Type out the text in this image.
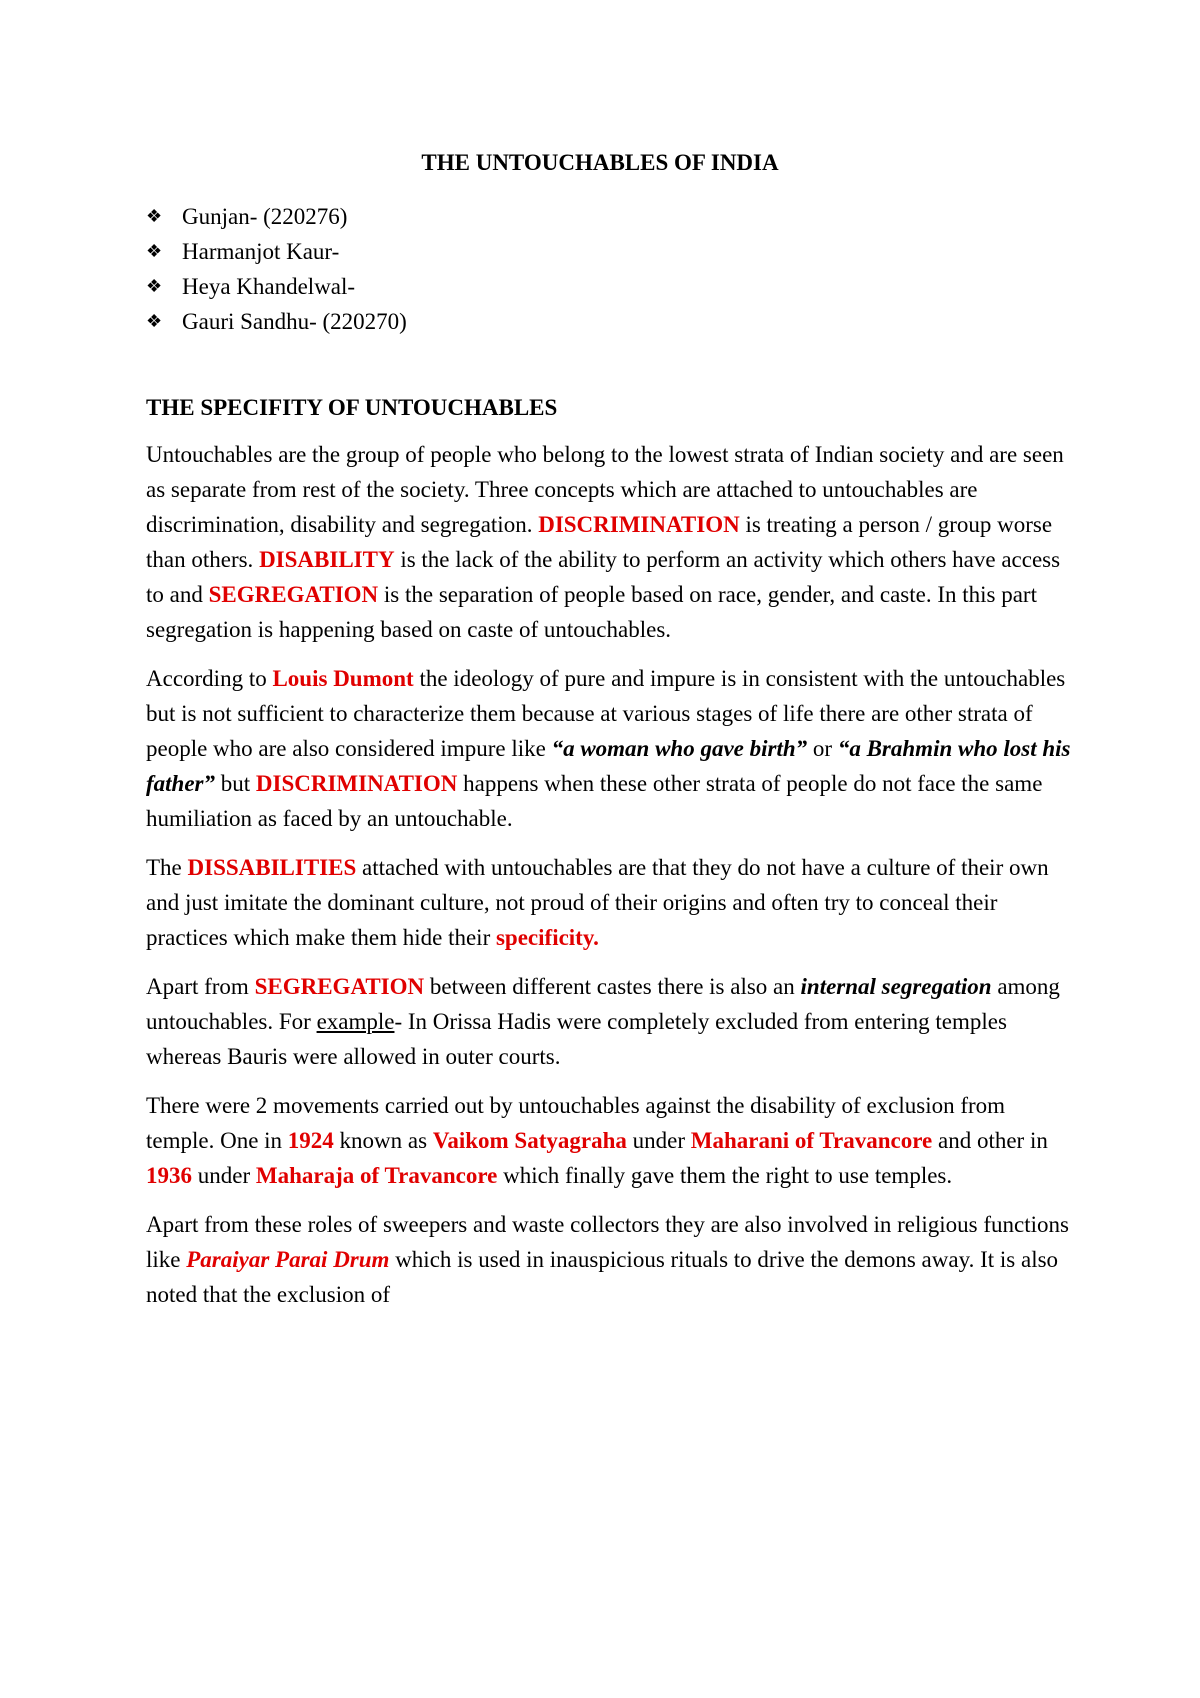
THE UNTOUCHABLES OF INDIA
❖ Gunjan- (220276)
❖ Harmanjot Kaur-
❖ Heya Khandelwal-
❖ Gauri Sandhu- (220270)
THE SPECIFITY OF UNTOUCHABLES

Untouchables are the group of people who belong to the lowest strata of Indian society and are seen as separate from rest of the society. Three concepts which are attached to untouchables are discrimination, disability and segregation. DISCRIMINATION is treating a person / group worse than others. DISABILITY is the lack of the ability to perform an activity which others have access to and SEGREGATION is the separation of people based on race, gender, and caste. In this part segregation is happening based on caste of untouchables.

According to Louis Dumont the ideology of pure and impure is in consistent with the untouchables but is not sufficient to characterize them because at various stages of life there are other strata of people who are also considered impure like “a woman who gave birth” or “a Brahmin who lost his father” but DISCRIMINATION happens when these other strata of people do not face the same humiliation as faced by an untouchable.

The DISSABILITIES attached with untouchables are that they do not have a culture of their own and just imitate the dominant culture, not proud of their origins and often try to conceal their practices which make them hide their specificity.

Apart from SEGREGATION between different castes there is also an internal segregation among untouchables. For example- In Orissa Hadis were completely excluded from entering temples whereas Bauris were allowed in outer courts.

There were 2 movements carried out by untouchables against the disability of exclusion from temple. One in 1924 known as Vaikom Satyagraha under Maharani of Travancore and other in 1936 under Maharaja of Travancore which finally gave them the right to use temples.

Apart from these roles of sweepers and waste collectors they are also involved in religious functions like Paraiyar Parai Drum which is used in inauspicious rituals to drive the demons away. It is also noted that the exclusion of
